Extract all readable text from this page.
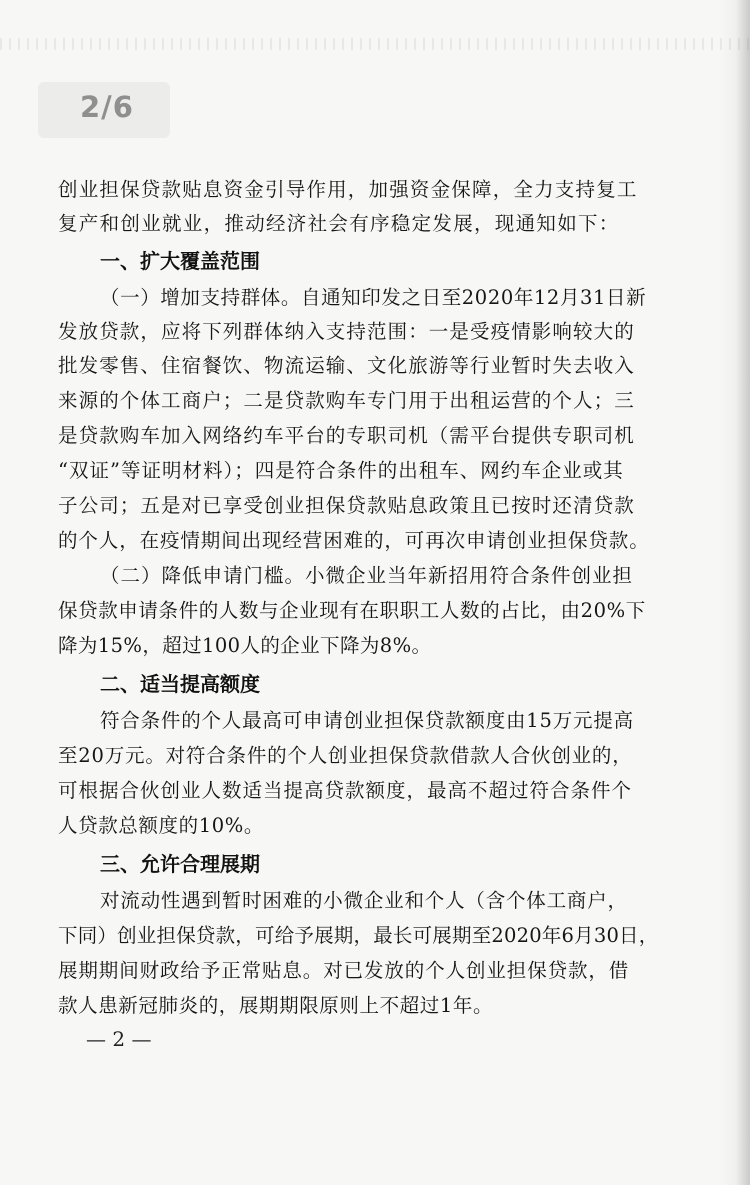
2/6
创业担保贷款贴息资金引导作用，加强资金保障，全力支持复工
复产和创业就业，推动经济社会有序稳定发展，现通知如下：
一、扩大覆盖范围
（一）增加支持群体。自通知印发之日至2020年12月31日新
发放贷款，应将下列群体纳入支持范围：一是受疫情影响较大的
批发零售、住宿餐饮、物流运输、文化旅游等行业暂时失去收入
来源的个体工商户；二是贷款购车专门用于出租运营的个人；三
是贷款购车加入网络约车平台的专职司机（需平台提供专职司机
“双证”等证明材料）；四是符合条件的出租车、网约车企业或其
子公司；五是对已享受创业担保贷款贴息政策且已按时还清贷款
的个人，在疫情期间出现经营困难的，可再次申请创业担保贷款。
（二）降低申请门槛。小微企业当年新招用符合条件创业担
保贷款申请条件的人数与企业现有在职职工人数的占比，由20%下
降为15%，超过100人的企业下降为8%。
二、适当提高额度
符合条件的个人最高可申请创业担保贷款额度由15万元提高
至20万元。对符合条件的个人创业担保贷款借款人合伙创业的，
可根据合伙创业人数适当提高贷款额度，最高不超过符合条件个
人贷款总额度的10%。
三、允许合理展期
对流动性遇到暂时困难的小微企业和个人（含个体工商户，
下同）创业担保贷款，可给予展期，最长可展期至2020年6月30日，
展期期间财政给予正常贴息。对已发放的个人创业担保贷款，借
款人患新冠肺炎的，展期期限原则上不超过1年。
— 2 —
